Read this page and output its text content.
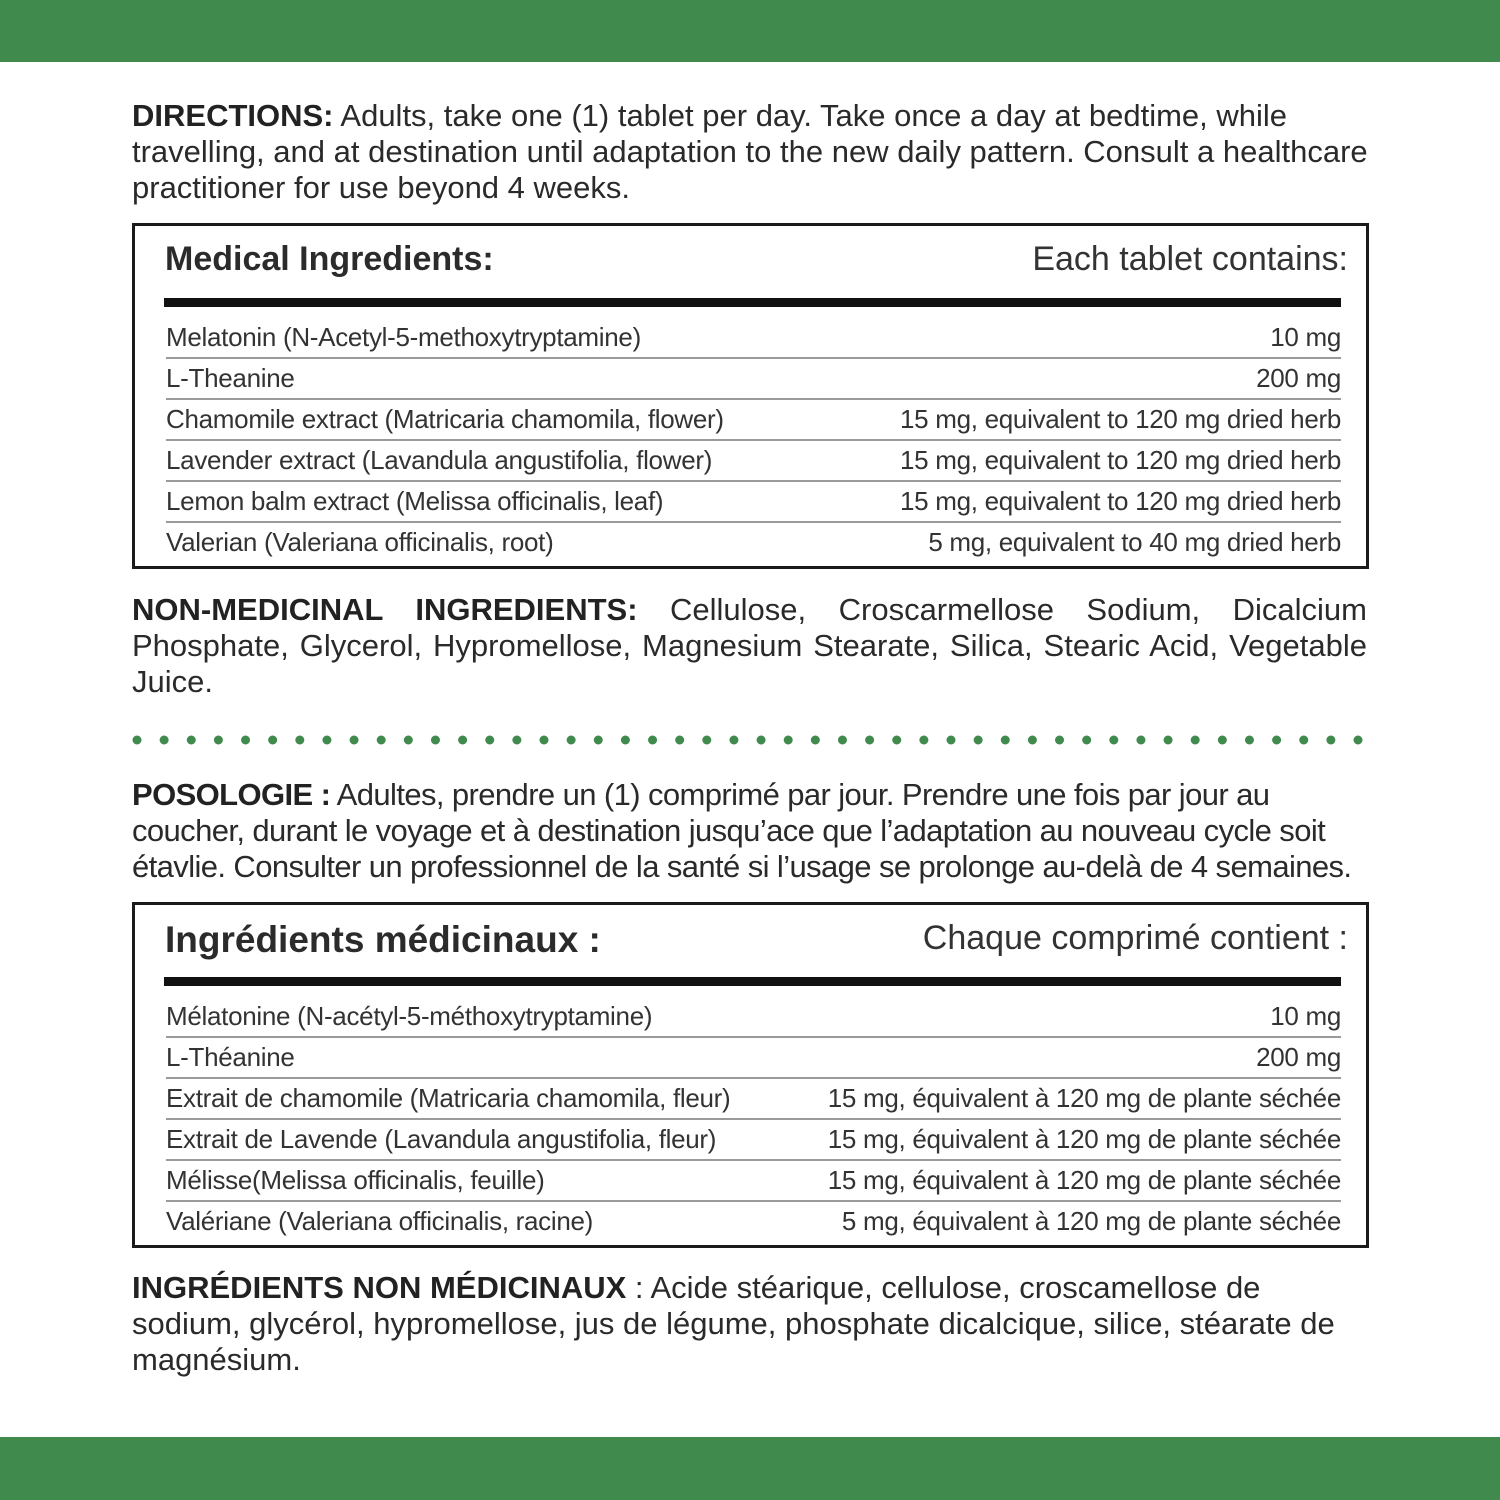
DIRECTIONS: Adults, take one (1) tablet per day. Take once a day at bedtime, while travelling, and at destination until adaptation to the new daily pattern. Consult a healthcare practitioner for use beyond 4 weeks.

Medical Ingredients:	Each tablet contains:
Melatonin (N-Acetyl-5-methoxytryptamine)	10 mg
L-Theanine	200 mg
Chamomile extract (Matricaria chamomila, flower)	15 mg, equivalent to 120 mg dried herb
Lavender extract (Lavandula angustifolia, flower)	15 mg, equivalent to 120 mg dried herb
Lemon balm extract (Melissa officinalis, leaf)	15 mg, equivalent to 120 mg dried herb
Valerian (Valeriana officinalis, root)	5 mg, equivalent to 40 mg dried herb

NON-MEDICINAL INGREDIENTS: Cellulose, Croscarmellose Sodium, Dicalcium Phosphate, Glycerol, Hypromellose, Magnesium Stearate, Silica, Stearic Acid, Vegetable Juice.

POSOLOGIE : Adultes, prendre un (1) comprimé par jour. Prendre une fois par jour au coucher, durant le voyage et à destination jusqu’ace que l’adaptation au nouveau cycle soit étavlie. Consulter un professionnel de la santé si l’usage se prolonge au-delà de 4 semaines.

Ingrédients médicinaux :	Chaque comprimé contient :
Mélatonine (N-acétyl-5-méthoxytryptamine)	10 mg
L-Théanine	200 mg
Extrait de chamomile (Matricaria chamomila, fleur)	15 mg, équivalent à 120 mg de plante séchée
Extrait de Lavende (Lavandula angustifolia, fleur)	15 mg, équivalent à 120 mg de plante séchée
Mélisse(Melissa officinalis, feuille)	15 mg, équivalent à 120 mg de plante séchée
Valériane (Valeriana officinalis, racine)	5 mg, équivalent à 120 mg de plante séchée

INGRÉDIENTS NON MÉDICINAUX : Acide stéarique, cellulose, croscamellose de sodium, glycérol, hypromellose, jus de légume, phosphate dicalcique, silice, stéarate de magnésium.
